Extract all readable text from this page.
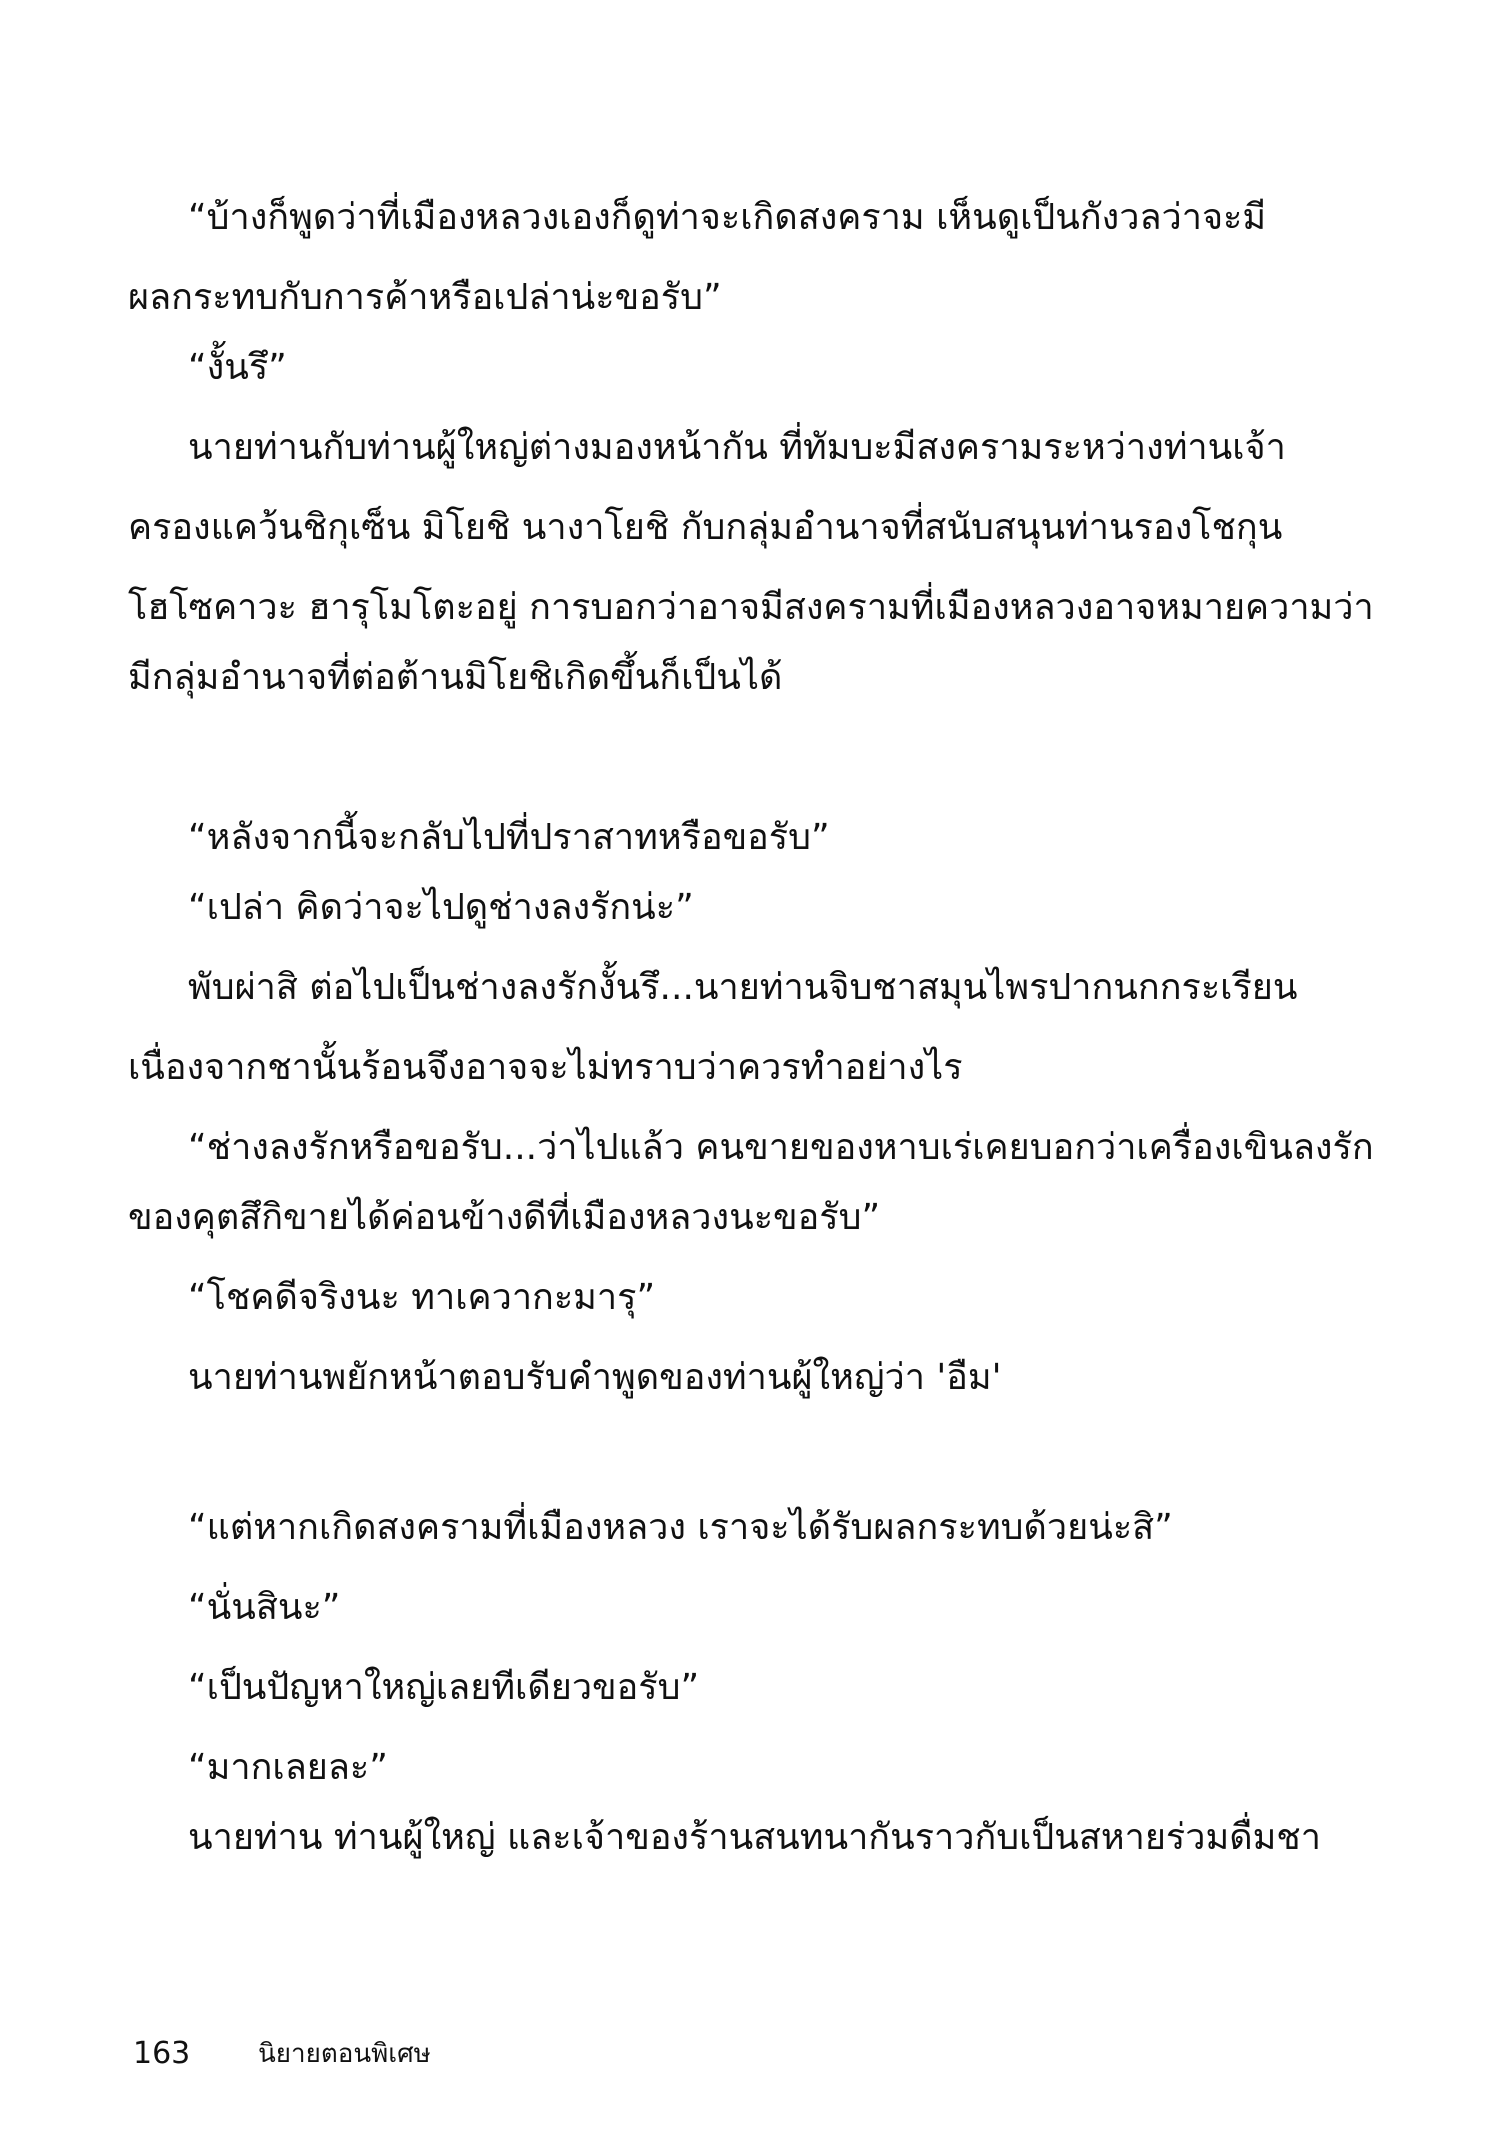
“บ้างก็พูดว่าที่เมืองหลวงเองก็ดูท่าจะเกิดสงคราม เห็นดูเป็นกังวลว่าจะมี
ผลกระทบกับการค้าหรือเปล่าน่ะขอรับ”
“งั้นรึ”
นายท่านกับท่านผู้ใหญ่ต่างมองหน้ากัน ที่ทัมบะมีสงครามระหว่างท่านเจ้า
ครองแคว้นชิกุเซ็น มิโยชิ นางาโยชิ กับกลุ่มอำนาจที่สนับสนุนท่านรองโชกุน
โฮโซคาวะ ฮารุโมโตะอยู่ การบอกว่าอาจมีสงครามที่เมืองหลวงอาจหมายความว่า
มีกลุ่มอำนาจที่ต่อต้านมิโยชิเกิดขึ้นก็เป็นได้
“หลังจากนี้จะกลับไปที่ปราสาทหรือขอรับ”
“เปล่า คิดว่าจะไปดูช่างลงรักน่ะ”
พับผ่าสิ ต่อไปเป็นช่างลงรักงั้นรึ...นายท่านจิบชาสมุนไพรปากนกกระเรียน
เนื่องจากชานั้นร้อนจึงอาจจะไม่ทราบว่าควรทำอย่างไร
“ช่างลงรักหรือขอรับ...ว่าไปแล้ว คนขายของหาบเร่เคยบอกว่าเครื่องเขินลงรัก
ของคุตสึกิขายได้ค่อนข้างดีที่เมืองหลวงนะขอรับ”
“โชคดีจริงนะ ทาเควากะมารุ”
นายท่านพยักหน้าตอบรับคำพูดของท่านผู้ใหญ่ว่า 'อืม'
“แต่หากเกิดสงครามที่เมืองหลวง เราจะได้รับผลกระทบด้วยน่ะสิ”
“นั่นสินะ”
“เป็นปัญหาใหญ่เลยทีเดียวขอรับ”
“มากเลยละ”
นายท่าน ท่านผู้ใหญ่ และเจ้าของร้านสนทนากันราวกับเป็นสหายร่วมดื่มชา
163	นิยายตอนพิเศษ
